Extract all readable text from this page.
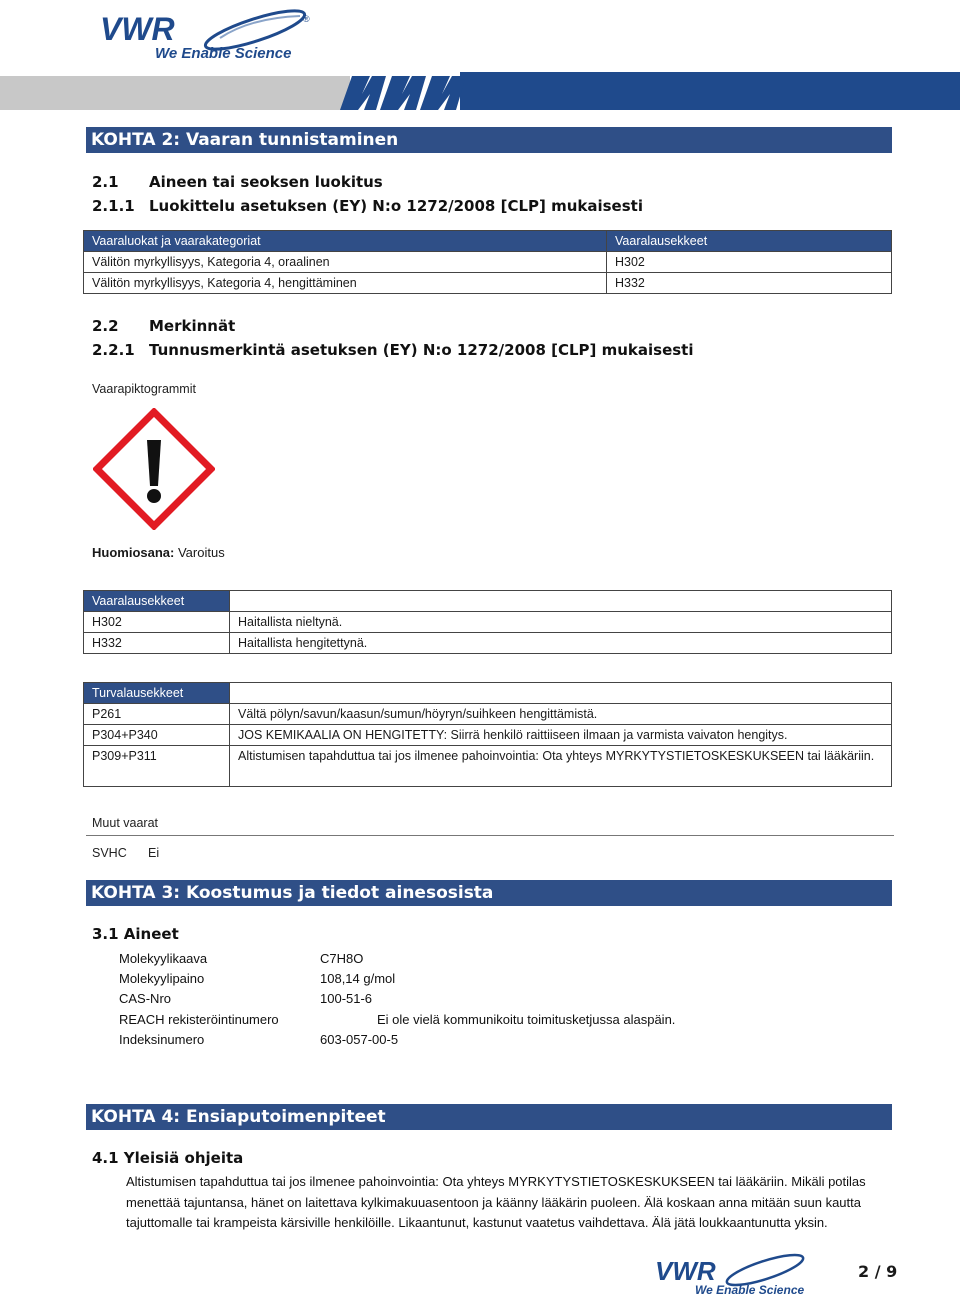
VWR	®
We Enable Science
KOHTA 2: Vaaran tunnistaminen
2.1 Aineen tai seoksen luokitus
2.1.1 Luokittelu asetuksen (EY) N:o 1272/2008 [CLP] mukaisesti
Vaaraluokat ja vaarakategoriat	Vaaralausekkeet
Välitön myrkyllisyys, Kategoria 4, oraalinen	H302
Välitön myrkyllisyys, Kategoria 4, hengittäminen	H332
2.2 Merkinnät
2.2.1 Tunnusmerkintä asetuksen (EY) N:o 1272/2008 [CLP] mukaisesti
Vaarapiktogrammit
Huomiosana: Varoitus
Vaaralausekkeet	
H302	Haitallista nieltynä.
H332	Haitallista hengitettynä.
Turvalausekkeet	
P261	Vältä pölyn/savun/kaasun/sumun/höyryn/suihkeen hengittämistä.
P304+P340	JOS KEMIKAALIA ON HENGITETTY: Siirrä henkilö raittiiseen ilmaan ja varmista vaivaton hengitys.
P309+P311	Altistumisen tapahduttua tai jos ilmenee pahoinvointia: Ota yhteys MYRKYTYSTIETOSKESKUKSEEN tai lääkäriin.
Muut vaarat
SVHC Ei
KOHTA 3: Koostumus ja tiedot ainesosista
3.1 Aineet
Molekyylikaava	C7H8O
Molekyylipaino	108,14 g/mol
CAS-Nro	100-51-6
REACH rekisteröintinumero	Ei ole vielä kommunikoitu toimitusketjussa alaspäin.
Indeksinumero	603-057-00-5
KOHTA 4: Ensiaputoimenpiteet
4.1 Yleisiä ohjeita
Altistumisen tapahduttua tai jos ilmenee pahoinvointia: Ota yhteys MYRKYTYSTIETOSKESKUKSEEN tai lääkäriin. Mikäli potilas menettää tajuntansa, hänet on laitettava kylkimakuuasentoon ja käänny lääkärin puoleen. Älä koskaan anna mitään suun kautta tajuttomalle tai krampeista kärsiville henkilöille. Likaantunut, kastunut vaatetus vaihdettava. Älä jätä loukkaantunutta yksin.
VWR
We Enable Science
2 / 9
